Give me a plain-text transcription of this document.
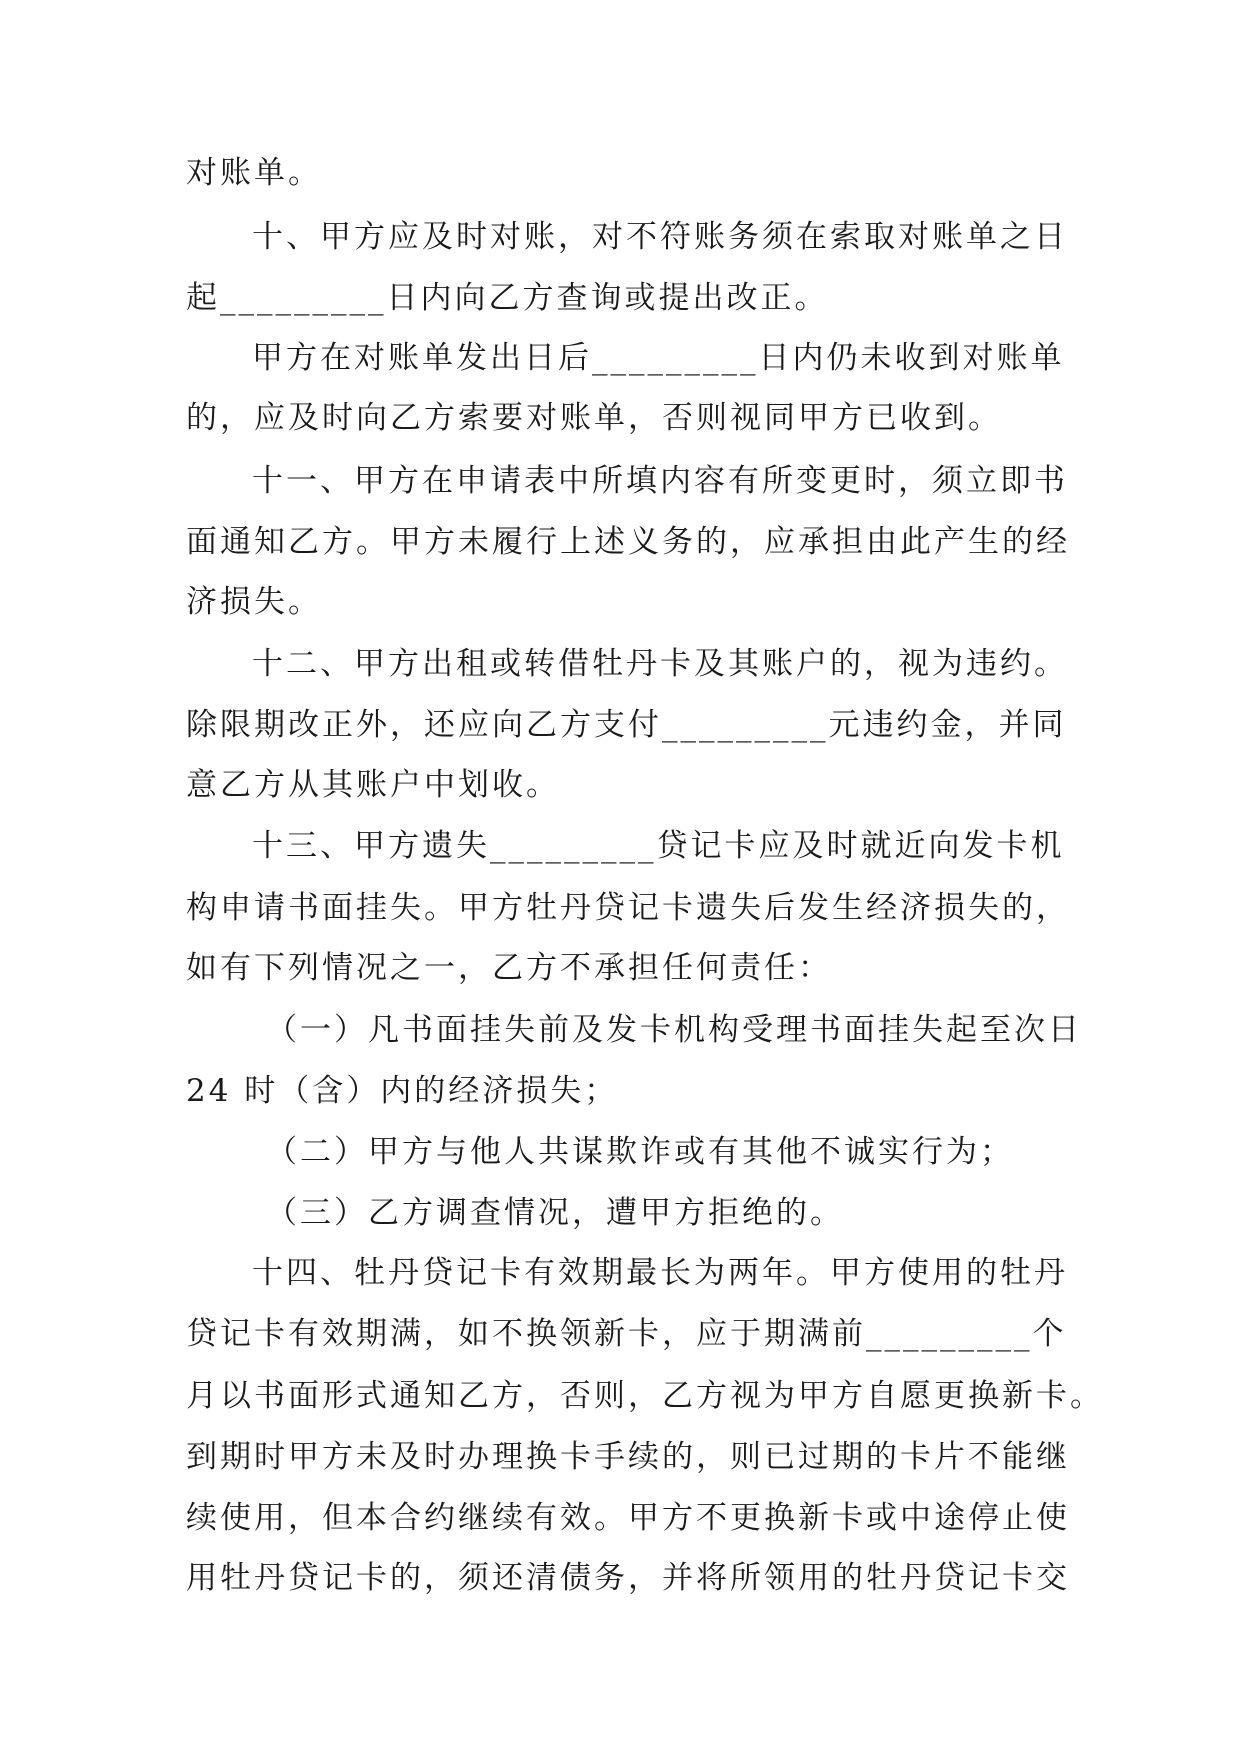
对账单。
十、甲方应及时对账，对不符账务须在索取对账单之日
起_________日内向乙方查询或提出改正。
甲方在对账单发出日后_________日内仍未收到对账单
的，应及时向乙方索要对账单，否则视同甲方已收到。
十一、甲方在申请表中所填内容有所变更时，须立即书
面通知乙方。甲方未履行上述义务的，应承担由此产生的经
济损失。
十二、甲方出租或转借牡丹卡及其账户的，视为违约。
除限期改正外，还应向乙方支付_________元违约金，并同
意乙方从其账户中划收。
十三、甲方遗失_________贷记卡应及时就近向发卡机
构申请书面挂失。甲方牡丹贷记卡遗失后发生经济损失的，
如有下列情况之一，乙方不承担任何责任：
（一）凡书面挂失前及发卡机构受理书面挂失起至次日
24 时（含）内的经济损失；
（二）甲方与他人共谋欺诈或有其他不诚实行为；
（三）乙方调查情况，遭甲方拒绝的。
十四、牡丹贷记卡有效期最长为两年。甲方使用的牡丹
贷记卡有效期满，如不换领新卡，应于期满前_________个
月以书面形式通知乙方，否则，乙方视为甲方自愿更换新卡。
到期时甲方未及时办理换卡手续的，则已过期的卡片不能继
续使用，但本合约继续有效。甲方不更换新卡或中途停止使
用牡丹贷记卡的，须还清债务，并将所领用的牡丹贷记卡交
